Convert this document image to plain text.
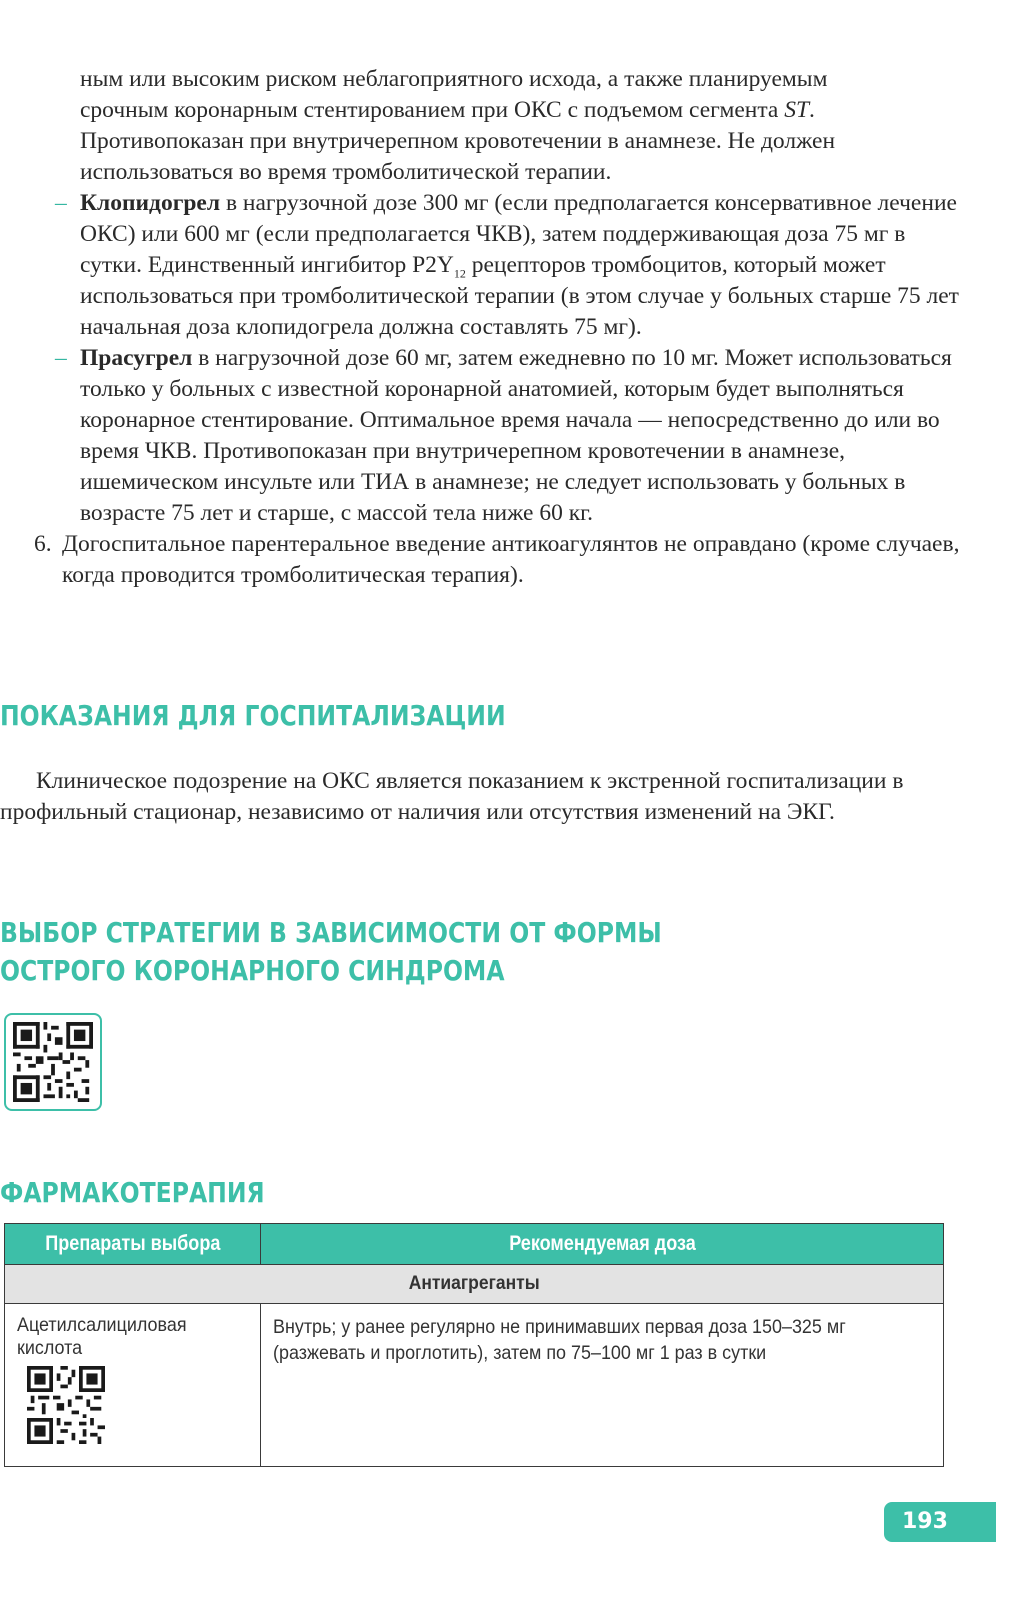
ным или высоким риском неблагоприятного исхода, а также планируемым
срочным коронарным стентированием при ОКС с подъемом сегмента ST.
Противопоказан при внутричерепном кровотечении в анамнезе. Не должен использоваться во время тромболитической терапии.

– Клопидогрел в нагрузочной дозе 300 мг (если предполагается консервативное лечение ОКС) или 600 мг (если предполагается ЧКВ), затем поддерживающая доза 75 мг в сутки. Единственный ингибитор $P2Y_{12}$ рецепторов тромбоцитов, который может использоваться при тромболитической терапии (в этом случае у больных старше 75 лет начальная доза клопидогрела должна составлять 75 мг).

– Прасугрел в нагрузочной дозе 60 мг, затем ежедневно по 10 мг. Может использоваться только у больных с известной коронарной анатомией, которым будет выполняться коронарное стентирование. Оптимальное время начала — непосредственно до или во время ЧКВ. Противопоказан при внутричерепном кровотечении в анамнезе, ишемическом инсульте или ТИА в анамнезе; не следует использовать у больных в возрасте 75 лет и старше, с массой тела ниже 60 кг.

6. Догоспитальное парентеральное введение антикоагулянтов не оправдано (кроме случаев, когда проводится тромболитическая терапия).

ПОКАЗАНИЯ ДЛЯ ГОСПИТАЛИЗАЦИИ

Клиническое подозрение на ОКС является показанием к экстренной госпитализации в профильный стационар, независимо от наличия или отсутствия изменений на ЭКГ.

ВЫБОР СТРАТЕГИИ В ЗАВИСИМОСТИ ОТ ФОРМЫ
ОСТРОГО КОРОНАРНОГО СИНДРОМА
ФАРМАКОТЕРАПИЯ
Препараты выбора	Рекомендуемая доза
Антиагреганты	
Ацетилсалициловая кислота	Внутрь; у ранее регулярно не принимавших первая доза 150–325 мг (разжевать и проглотить), затем по 75–100 мг 1 раз в сутки
193
